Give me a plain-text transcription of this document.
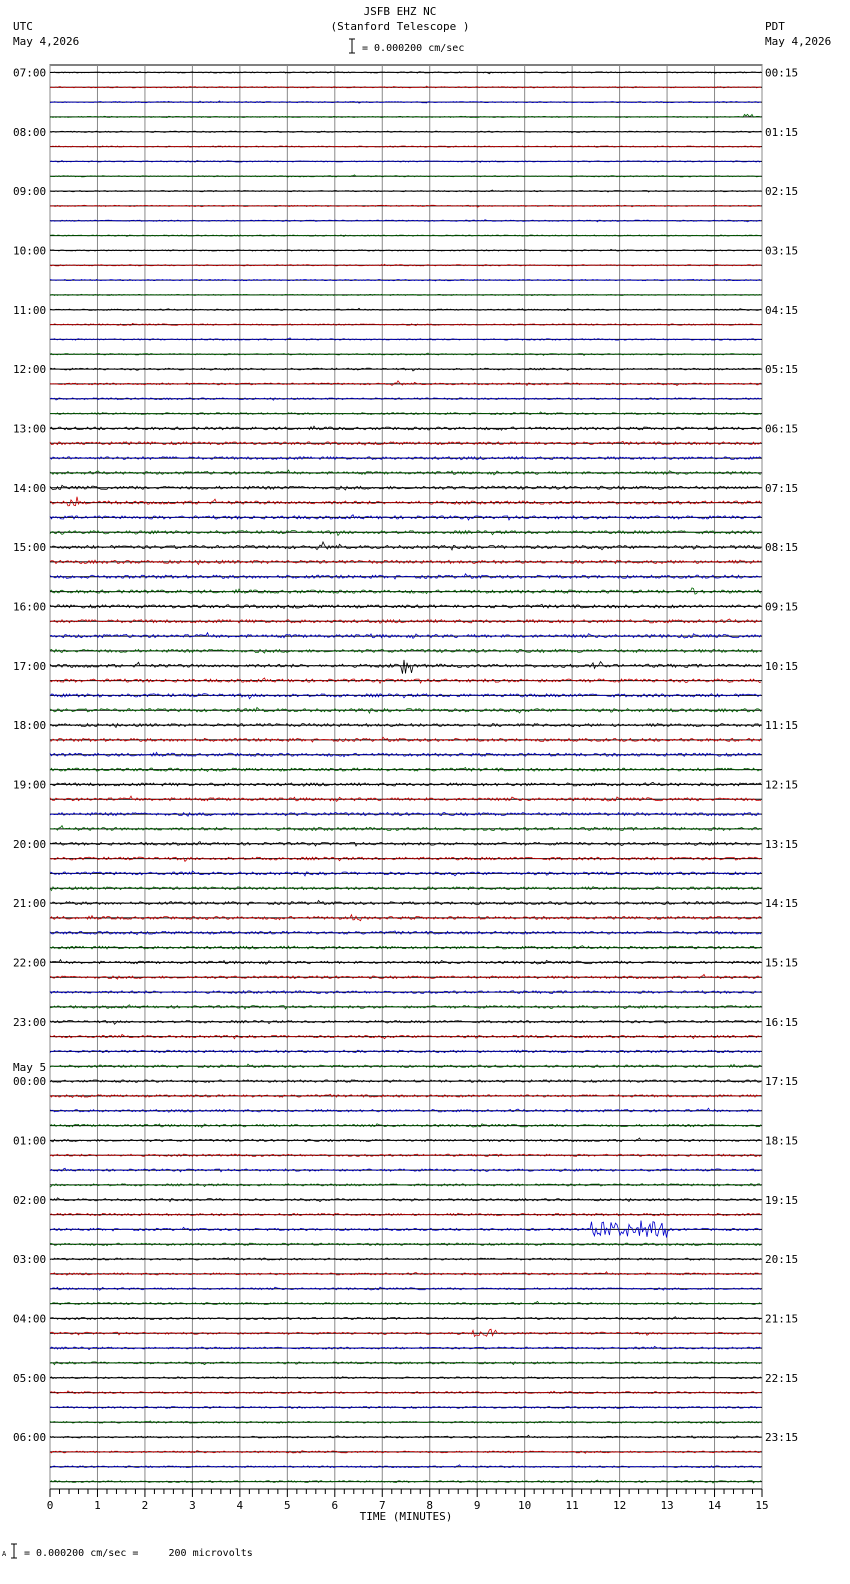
JSFB EHZ NC
(Stanford Telescope )
UTC
May 4,2026
PDT
May 4,2026
= 0.000200 cm/sec
07:00	00:15
08:00	01:15
09:00	02:15
10:00	03:15
11:00	04:15
12:00	05:15
13:00	06:15
14:00	07:15
15:00	08:15
16:00	09:15
17:00	10:15
18:00	11:15
19:00	12:15
20:00	13:15
21:00	14:15
22:00	15:15
23:00	16:15
00:00	17:15
01:00	18:15
02:00	19:15
03:00	20:15
04:00	21:15
05:00	22:15
06:00	23:15
May 5
0	1	2	3	4	5	6	7	8	9	10	11	12	13	14	15
TIME (MINUTES)
A = 0.000200 cm/sec =     200 microvolts
